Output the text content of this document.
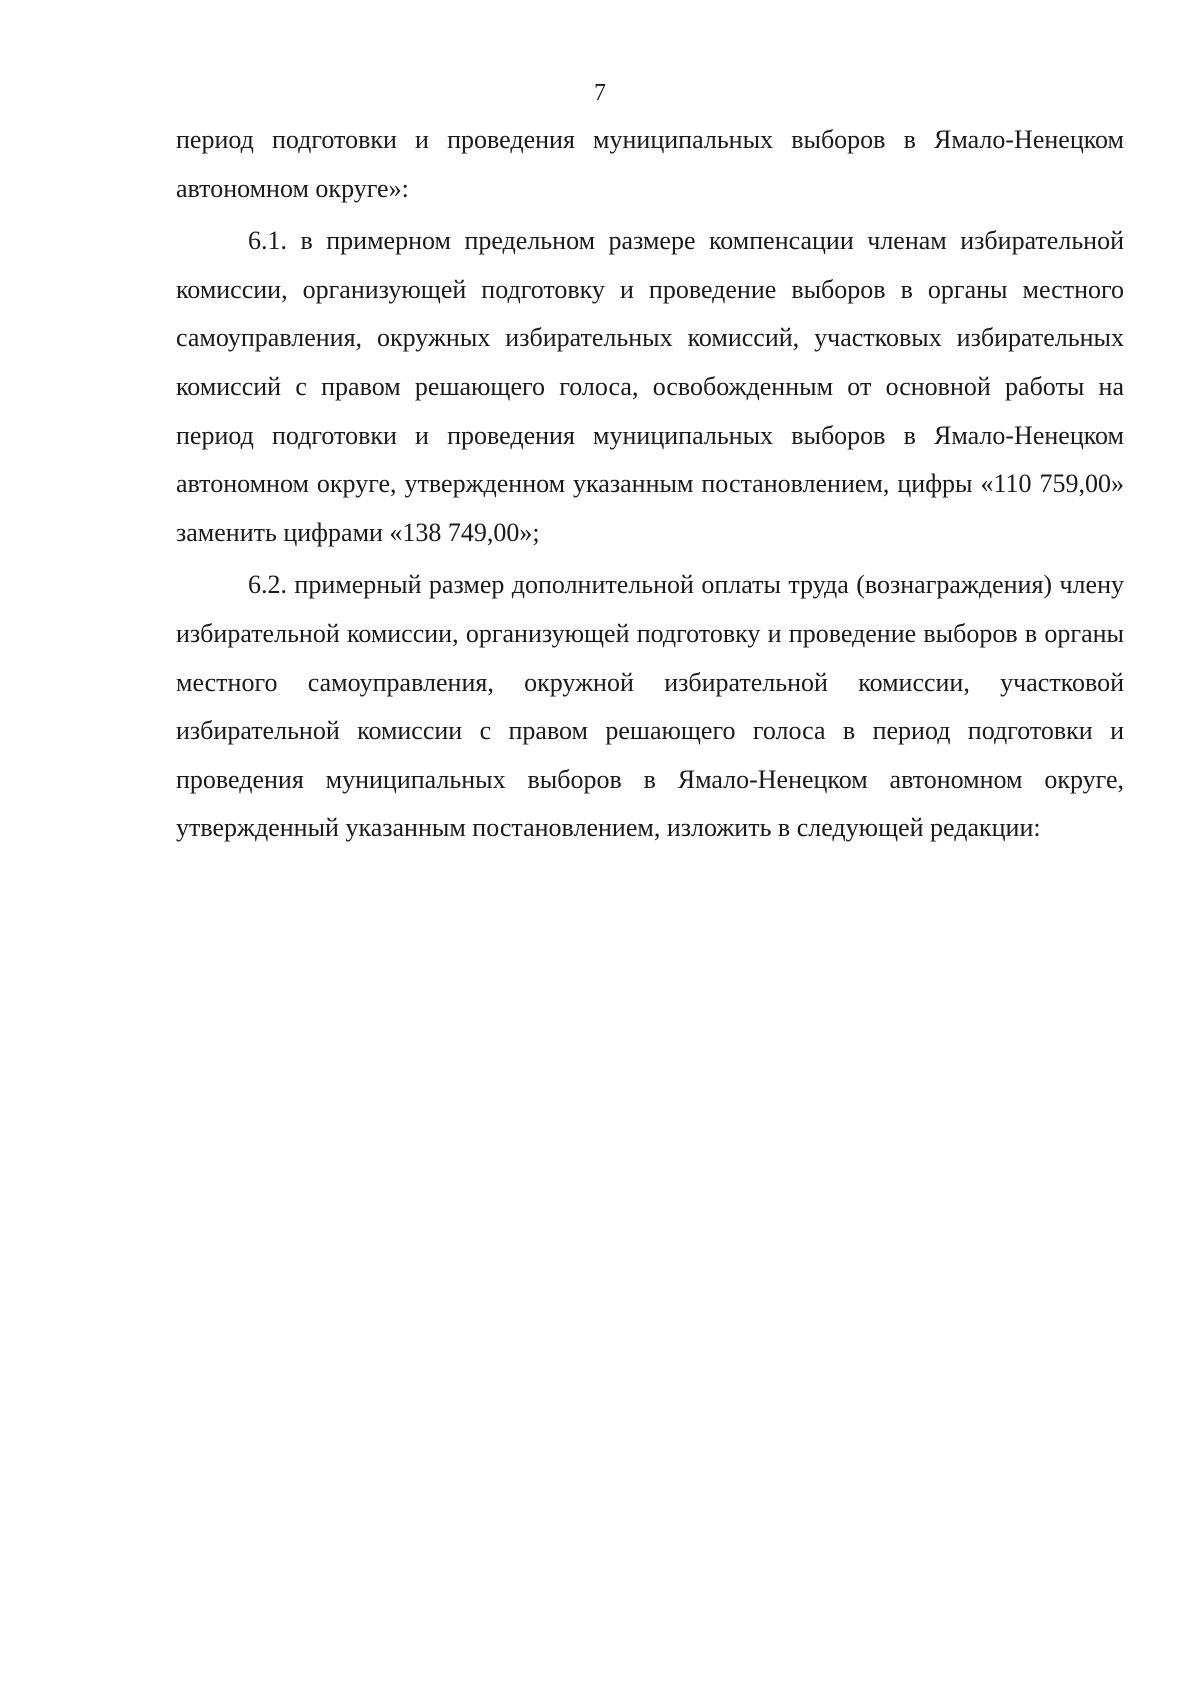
7

период подготовки и проведения муниципальных выборов в Ямало-Ненецком автономном округе»:

6.1. в примерном предельном размере компенсации членам избирательной комиссии, организующей подготовку и проведение выборов в органы местного самоуправления, окружных избирательных комиссий, участковых избирательных комиссий с правом решающего голоса, освобожденным от основной работы на период подготовки и проведения муниципальных выборов в Ямало-Ненецком автономном округе, утвержденном указанным постановлением, цифры «110 759,00» заменить цифрами «138 749,00»;

6.2. примерный размер дополнительной оплаты труда (вознаграждения) члену избирательной комиссии, организующей подготовку и проведение выборов в органы местного самоуправления, окружной избирательной комиссии, участковой избирательной комиссии с правом решающего голоса в период подготовки и проведения муниципальных выборов в Ямало-Ненецком автономном округе, утвержденный указанным постановлением, изложить в следующей редакции:
